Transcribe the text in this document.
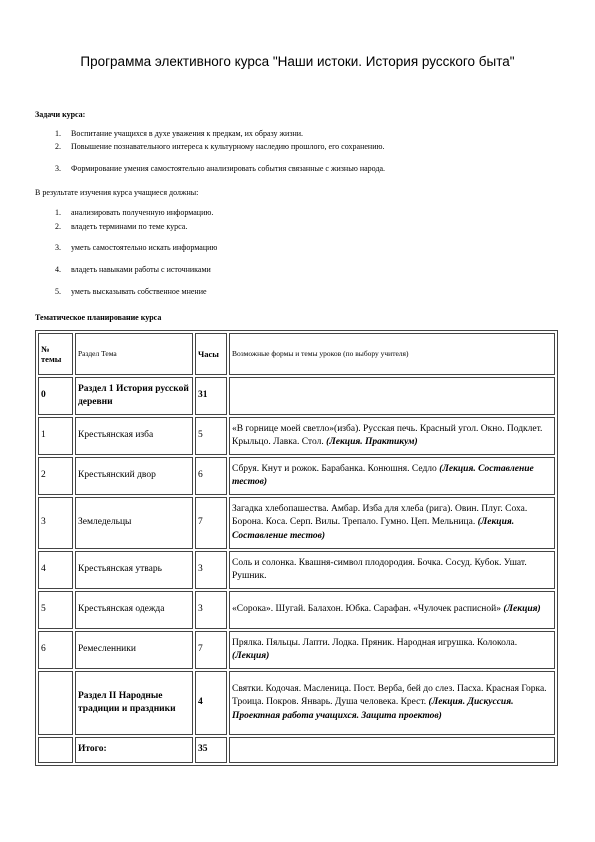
Программа элективного курса "Наши истоки. История русского быта"
Задачи курса:
1. Воспитание учащихся в духе уважения к предкам, их образу жизни.
2. Повышение познавательного интереса к культурному наследию прошлого, его сохранению.
3. Формирование умения самостоятельно анализировать события связанные с жизнью народа.
В результате изучения курса учащиеся должны:
1. анализировать полученную информацию.
2. владеть терминами по теме курса.
3. уметь самостоятельно искать информацию
4. владеть навыками работы с источниками
5. уметь высказывать собственное мнение
Тематическое планирование курса
№ темы	Раздел Тема	Часы	Возможные формы и темы уроков (по выбору учителя)
0	Раздел 1 История русской деревни	31	
1	Крестьянская изба	5	«В горнице моей светло»(изба). Русская печь. Красный угол. Окно. Подклет. Крыльцо. Лавка. Стол. (Лекция. Практикум)
2	Крестьянский двор	6	Сбруя. Кнут и рожок. Барабанка. Конюшня. Седло (Лекция. Составление тестов)
3	Земледельцы	7	Загадка хлебопашества. Амбар. Изба для хлеба (рига). Овин. Плуг. Соха. Борона. Коса. Серп. Вилы. Трепало. Гумно. Цеп. Мельница. (Лекция. Составление тестов)
4	Крестьянская утварь	3	Соль и солонка. Квашня-символ плодородия. Бочка. Сосуд. Кубок. Ушат. Рушник.
5	Крестьянская одежда	3	«Сорока». Шугай. Балахон. Юбка. Сарафан. «Чулочек расписной» (Лекция)
6	Ремесленники	7	Прялка. Пяльцы. Лапти. Лодка. Пряник. Народная игрушка. Колокола. (Лекция)
	Раздел II Народные традиции и праздники	4	Святки. Кодочая. Масленица. Пост. Верба, бей до слез. Пасха. Красная Горка. Троица. Покров. Январь. Душа человека. Крест. (Лекция. Дискуссия. Проектная работа учащихся. Защита проектов)
	Итого:	35	
